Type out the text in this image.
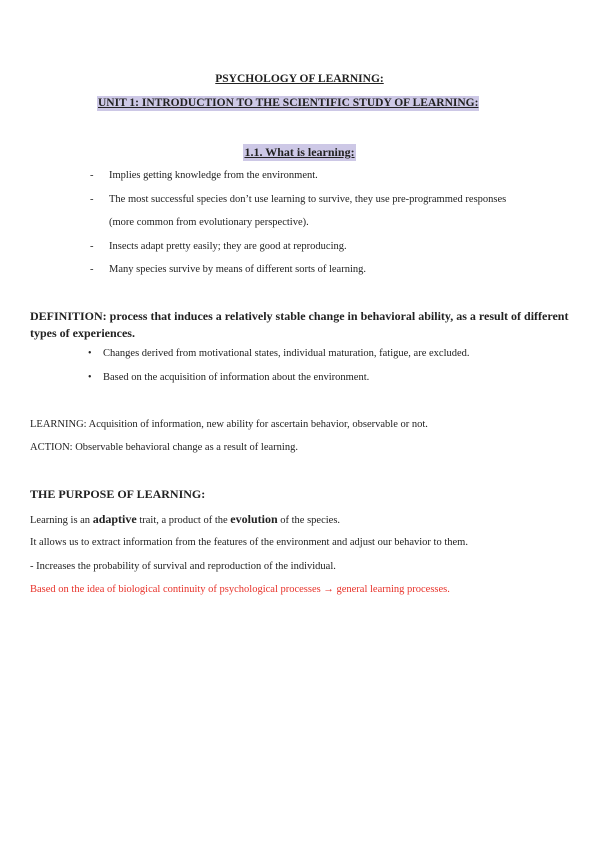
PSYCHOLOGY OF LEARNING:
UNIT 1: INTRODUCTION TO THE SCIENTIFIC STUDY OF LEARNING:
1.1. What is learning:
- Implies getting knowledge from the environment.
- The most successful species don’t use learning to survive, they use pre-programmed responses
(more common from evolutionary perspective).
- Insects adapt pretty easily; they are good at reproducing.
- Many species survive by means of different sorts of learning.
DEFINITION: process that induces a relatively stable change in behavioral ability, as a result of different types of experiences.
• Changes derived from motivational states, individual maturation, fatigue, are excluded.
• Based on the acquisition of information about the environment.
LEARNING: Acquisition of information, new ability for ascertain behavior, observable or not.
ACTION: Observable behavioral change as a result of learning.
THE PURPOSE OF LEARNING:
Learning is an adaptive trait, a product of the evolution of the species.
It allows us to extract information from the features of the environment and adjust our behavior to them.
- Increases the probability of survival and reproduction of the individual.
Based on the idea of biological continuity of psychological processes → general learning processes.
